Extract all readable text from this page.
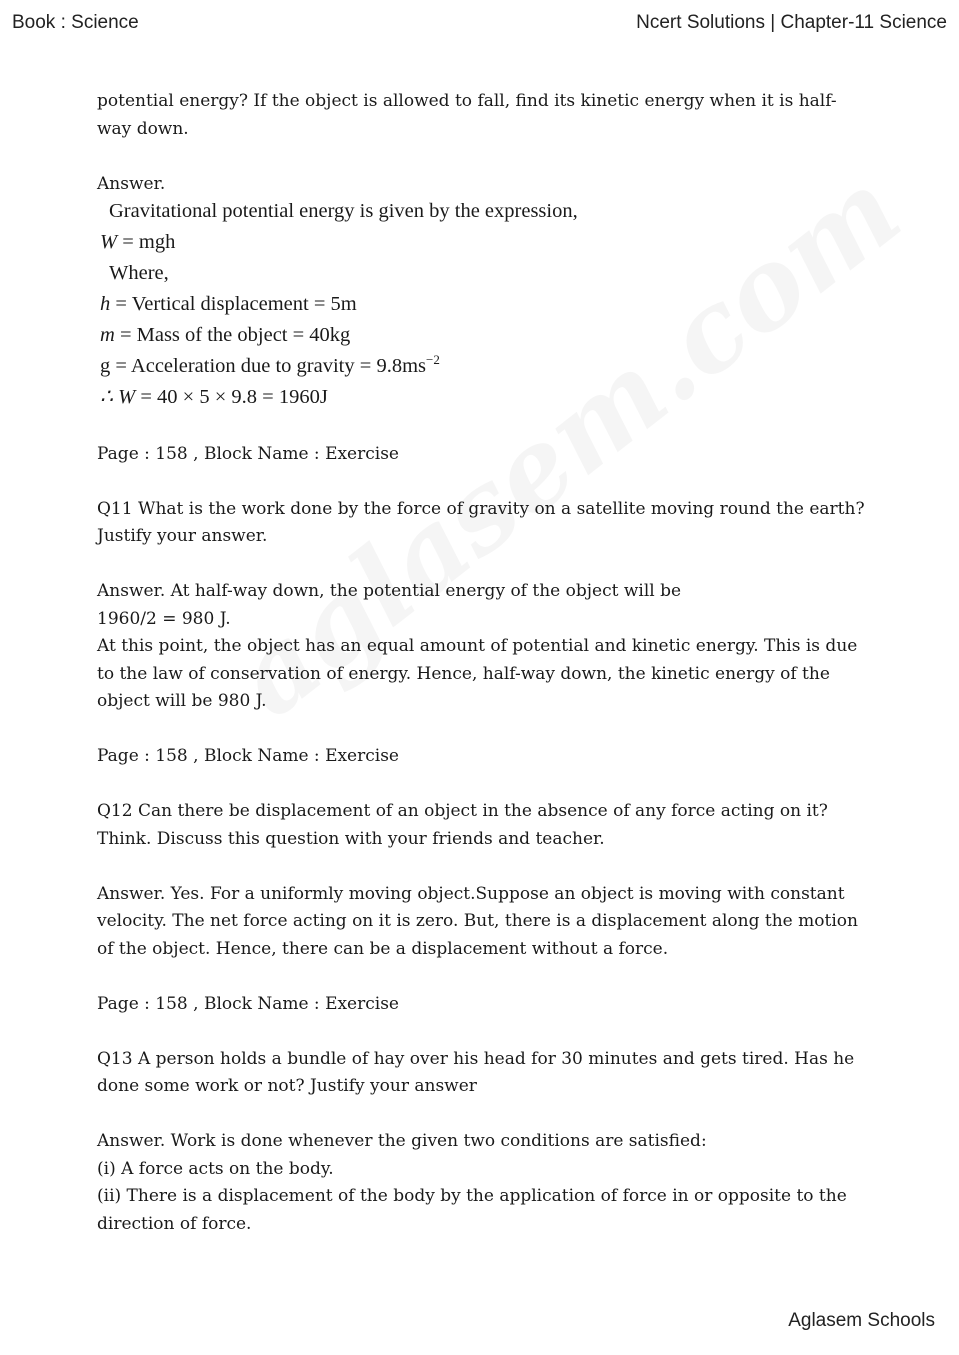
Book : Science	Ncert Solutions | Chapter-11 Science

potential energy? If the object is allowed to fall, find its kinetic energy when it is half-way down.

Answer.

Gravitational potential energy is given by the expression,
W = mgh
Where,
h = Vertical displacement = 5m
m = Mass of the object = 40kg
g = Acceleration due to gravity = $9.8ms^{-2}$
∴ W = 40 × 5 × 9.8 = 1960J

Page : 158 , Block Name : Exercise

Q11 What is the work done by the force of gravity on a satellite moving round the earth? Justify your answer.

Answer. At half-way down, the potential energy of the object will be

1960/2 = 980 J.

At this point, the object has an equal amount of potential and kinetic energy. This is due to the law of conservation of energy. Hence, half-way down, the kinetic energy of the object will be 980 J.

Page : 158 , Block Name : Exercise

Q12 Can there be displacement of an object in the absence of any force acting on it? Think. Discuss this question with your friends and teacher.

Answer. Yes. For a uniformly moving object.Suppose an object is moving with constant velocity. The net force acting on it is zero. But, there is a displacement along the motion of the object. Hence, there can be a displacement without a force.

Page : 158 , Block Name : Exercise

Q13 A person holds a bundle of hay over his head for 30 minutes and gets tired. Has he done some work or not? Justify your answer

Answer. Work is done whenever the given two conditions are satisfied:

(i) A force acts on the body.

(ii) There is a displacement of the body by the application of force in or opposite to the direction of force.

Aglasem Schools
